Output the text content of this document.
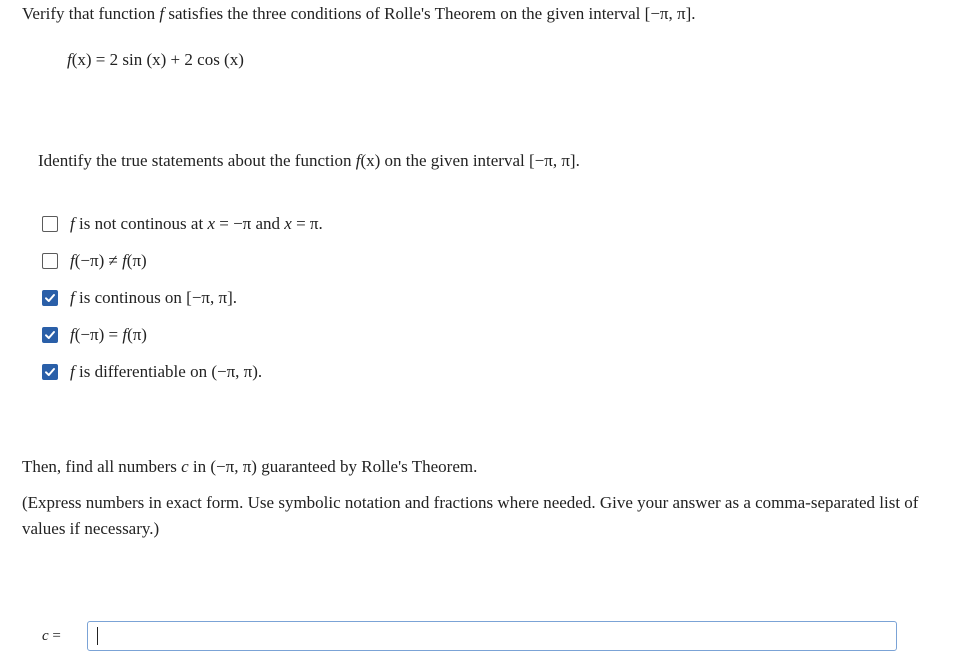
Verify that function f satisfies the three conditions of Rolle's Theorem on the given interval [−π, π].
f(x) = 2 sin (x) + 2 cos (x)
Identify the true statements about the function f(x) on the given interval [−π, π].
f is not continous at x = −π and x = π.
f(−π) ≠ f(π)
f is continous on [−π, π].
f(−π) = f(π)
f is differentiable on (−π, π).
Then, find all numbers c in (−π, π) guaranteed by Rolle's Theorem.
(Express numbers in exact form. Use symbolic notation and fractions where needed. Give your answer as a comma-separated list of values if necessary.)
c =
